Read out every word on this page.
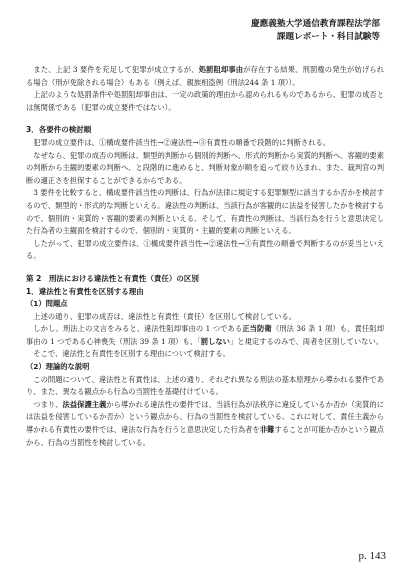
慶應義塾大学通信教育課程法学部
課題レポート・科目試験等

また、上記 3 要件を充足して犯罪が成立するが、処罰阻却事由が存在する結果、刑罰権の発生が妨げられる場合（刑が免除される場合）もある（例えば、親族相盗例（刑法244 条 1 項））。

上記のような処罰条件や処罰阻却事由は、一定の政策的理由から認められるものであるから、犯罪の成否とは無関係である（犯罪の成立要件ではない）。

3．各要件の検討順

犯罪の成立要件は、①構成要件該当性→②違法性→③有責性の順番で段階的に判断される。

なぜなら、犯罪の成否の判断は、類型的判断から個別的判断へ、形式的判断から実質的判断へ、客観的要素の判断から主観的要素の判断へ、と段階的に進めると、判断対象が順を追って絞り込まれ、また、裁判官の判断の適正さを担保することができるからである。

3 要件を比較すると、構成要件該当性の判断は、行為が法律に規定する犯罪類型に該当するか否かを検討するので、類型的・形式的な判断といえる。違法性の判断は、当該行為が客観的に法益を侵害したかを検討するので、個別的・実質的・客観的要素の判断といえる。そして、有責性の判断は、当該行為を行うと意思決定した行為者の主観面を検討するので、個別的・実質的・主観的要素の判断といえる。

したがって、犯罪の成立要件は、①構成要件該当性→②違法性→③有責性の順番で判断するのが妥当といえる。

第 2　刑法における違法性と有責性（責任）の区別
1．違法性と有責性を区別する理由
（1）問題点

上述の通り、犯罪の成否は、違法性と有責性（責任）を区別して検討している。

しかし、刑法上の文言をみると、違法性阻却事由の 1 つである正当防衛（刑法 36 条 1 項）も、責任阻却事由の 1 つである心神喪失（刑法 39 条 1 項）も、「罰しない」と規定するのみで、両者を区別していない。

そこで、違法性と有責性を区別する理由について検討する。

（2）理論的な説明

この問題について、違法性と有責性は、上述の通り、それぞれ異なる刑法の基本原理から導かれる要件であり、また、異なる観点から行為の当罰性を基礎付けている。

つまり、法益保護主義から導かれる違法性の要件では、当該行為が法秩序に違反しているか否か（実質的には法益を侵害しているか否か）という観点から、行為の当罰性を検討している。これに対して、責任主義から導かれる有責性の要件では、違法な行為を行うと意思決定した行為者を非難することが可能か否かという観点から、行為の当罰性を検討している。

p. 143
